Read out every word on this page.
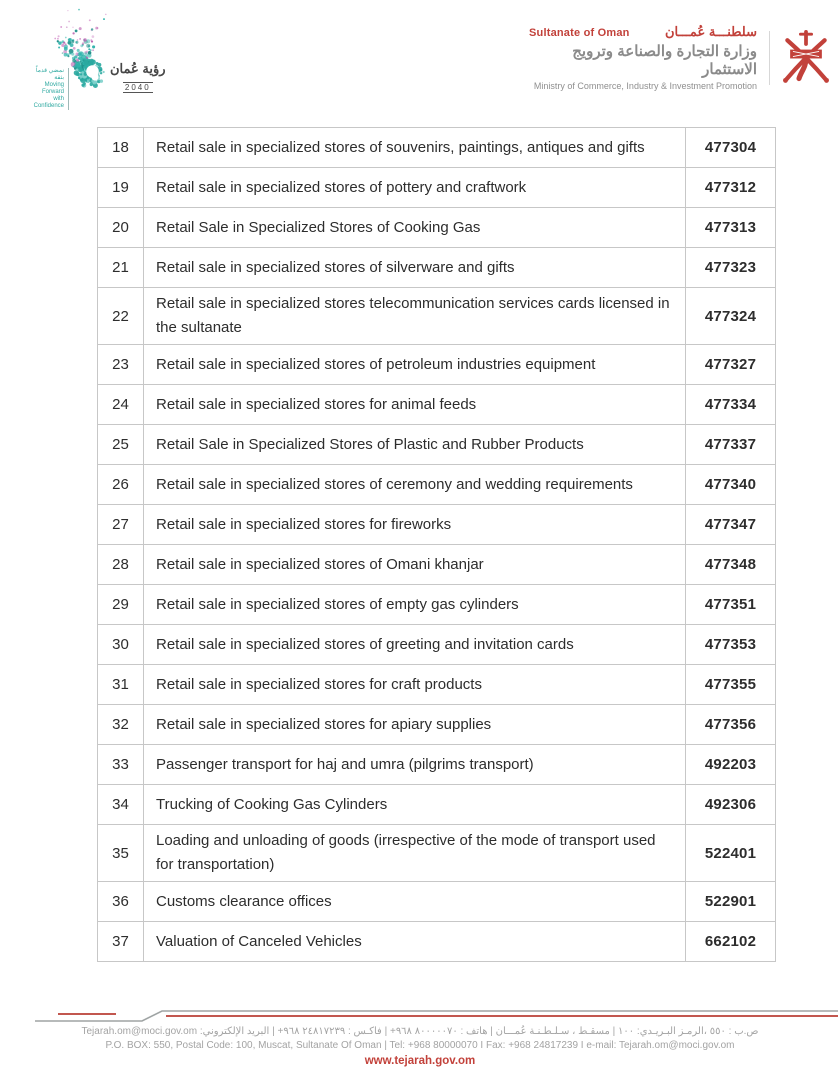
نمضي قدماً بثقة
Moving Forward
with Confidence
رؤية عُمان
2040
Sultanate of Oman	سلطنـــة عُمـــان
وزارة التجارة والصناعة وترويج الاستثمار
Ministry of Commerce, Industry & Investment Promotion
18	Retail sale in specialized stores of souvenirs, paintings, antiques and gifts	477304
19	Retail sale in specialized stores of pottery and craftwork	477312
20	Retail Sale in Specialized Stores of Cooking Gas	477313
21	Retail sale in specialized stores of silverware and gifts	477323
22	Retail sale in specialized stores telecommunication services cards licensed in the sultanate	477324
23	Retail sale in specialized stores of petroleum industries equipment	477327
24	Retail sale in specialized stores for animal feeds	477334
25	Retail Sale in Specialized Stores of Plastic and Rubber Products	477337
26	Retail sale in specialized stores of ceremony and wedding requirements	477340
27	Retail sale in specialized stores for fireworks	477347
28	Retail sale in specialized stores of Omani khanjar	477348
29	Retail sale in specialized stores of empty gas cylinders	477351
30	Retail sale in specialized stores of greeting and invitation cards	477353
31	Retail sale in specialized stores for craft products	477355
32	Retail sale in specialized stores for apiary supplies	477356
33	Passenger transport for haj and umra (pilgrims transport)	492203
34	Trucking of Cooking Gas Cylinders	492306
35	Loading and unloading of goods (irrespective of the mode of transport used for transportation)	522401
36	Customs clearance offices	522901
37	Valuation of Canceled Vehicles	662102
ص.ب : ٥٥٠ ،الرمـز البـريـدي: ١٠٠ | مسقـط ، سـلـطـنـة عُمـــان | هاتف : ٨٠٠٠٠٠٧٠ ٩٦٨+ | فاكـس : ٢٤٨١٧٢٣٩ ٩٦٨+ | البريد الإلكتروني: Tejarah.om@moci.gov.om
P.O. BOX: 550, Postal Code: 100, Muscat, Sultanate Of Oman | Tel: +968 80000070 I Fax: +968 24817239 I e-mail: Tejarah.om@moci.gov.om
www.tejarah.gov.om
